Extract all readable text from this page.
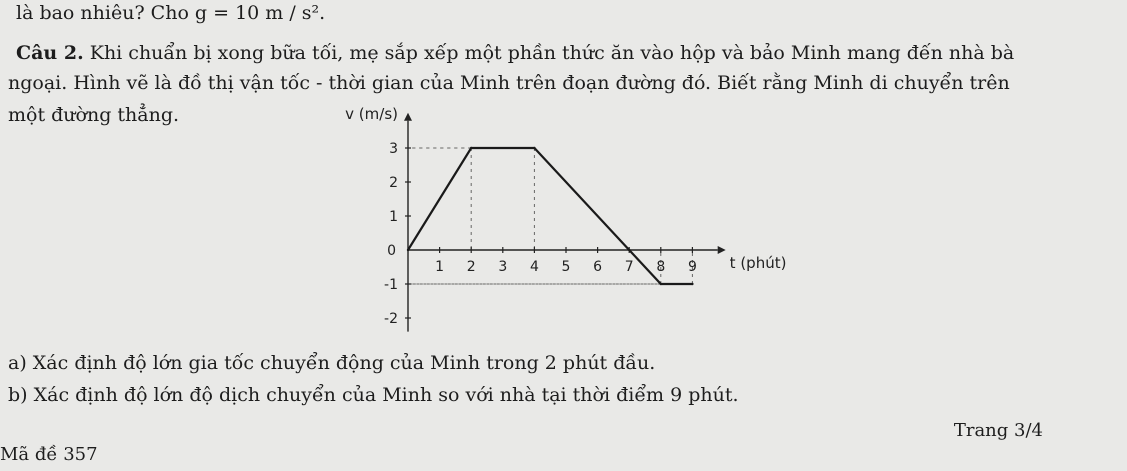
là bao nhiêu? Cho g = 10 m / s².
Câu 2. Khi chuẩn bị xong bữa tối, mẹ sắp xếp một phần thức ăn vào hộp và bảo Minh mang đến nhà bà
ngoại. Hình vẽ là đồ thị vận tốc - thời gian của Minh trên đoạn đường đó. Biết rằng Minh di chuyển trên
một đường thẳng.	v (m/s)
t (phút)
0
1 2 3 4 5 6 7 8 9
3
2
1
-1
-2
a) Xác định độ lớn gia tốc chuyển động của Minh trong 2 phút đầu.
b) Xác định độ lớn độ dịch chuyển của Minh so với nhà tại thời điểm 9 phút.
Trang 3/4
Mã đề 357
